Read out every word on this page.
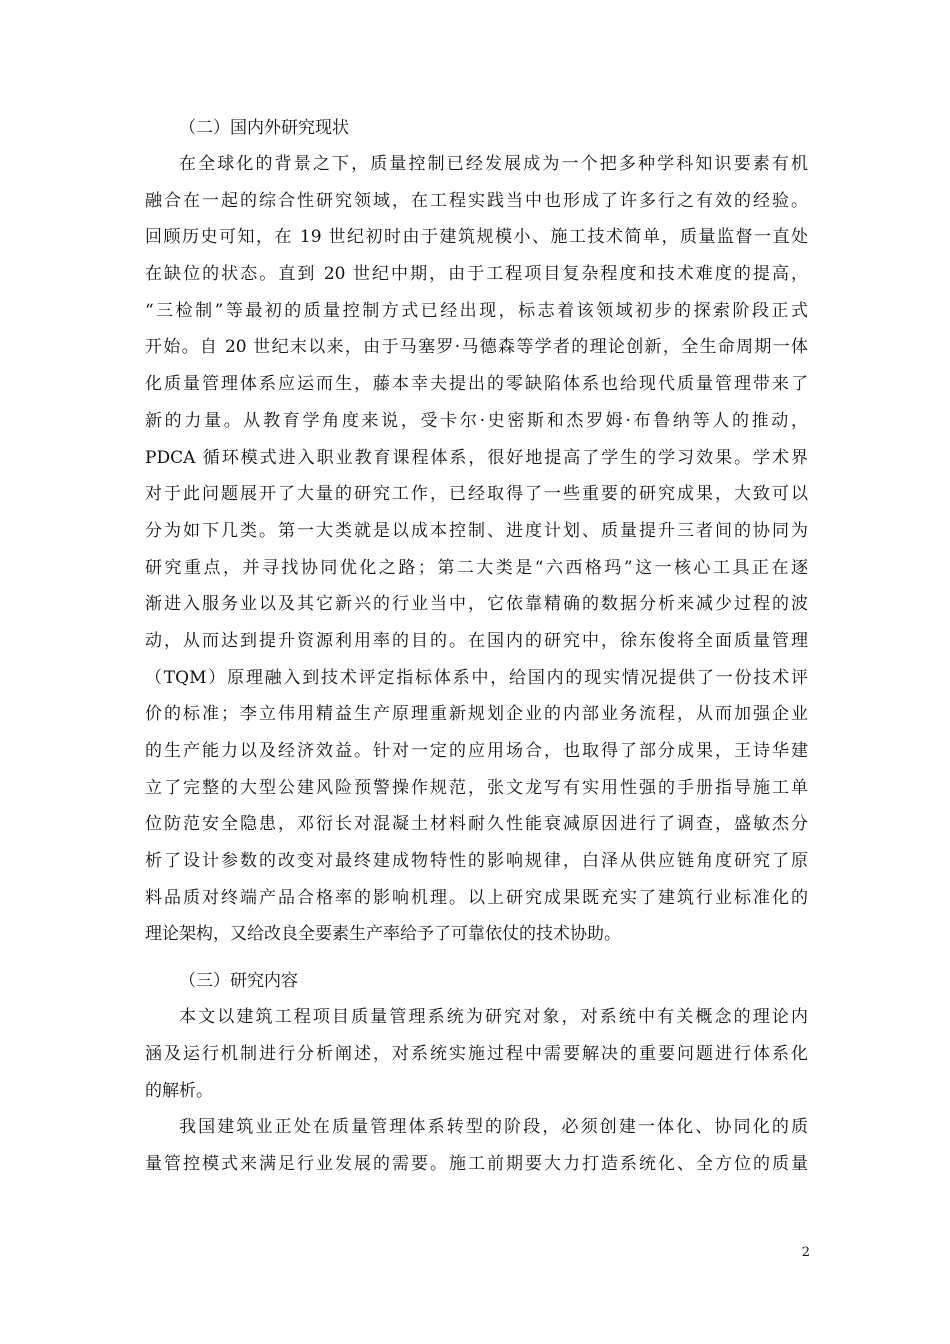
（二）国内外研究现状
在全球化的背景之下，质量控制已经发展成为一个把多种学科知识要素有机
融合在一起的综合性研究领域，在工程实践当中也形成了许多行之有效的经验。
回顾历史可知，在 19 世纪初时由于建筑规模小、施工技术简单，质量监督一直处
在缺位的状态。直到 20 世纪中期，由于工程项目复杂程度和技术难度的提高，
“三检制”等最初的质量控制方式已经出现，标志着该领域初步的探索阶段正式
开始。自 20 世纪末以来，由于马塞罗·马德森等学者的理论创新，全生命周期一体
化质量管理体系应运而生，藤本幸夫提出的零缺陷体系也给现代质量管理带来了
新的力量。从教育学角度来说，受卡尔·史密斯和杰罗姆·布鲁纳等人的推动，
PDCA 循环模式进入职业教育课程体系，很好地提高了学生的学习效果。学术界
对于此问题展开了大量的研究工作，已经取得了一些重要的研究成果，大致可以
分为如下几类。第一大类就是以成本控制、进度计划、质量提升三者间的协同为
研究重点，并寻找协同优化之路；第二大类是“六西格玛”这一核心工具正在逐
渐进入服务业以及其它新兴的行业当中，它依靠精确的数据分析来减少过程的波
动，从而达到提升资源利用率的目的。在国内的研究中，徐东俊将全面质量管理
（TQM）原理融入到技术评定指标体系中，给国内的现实情况提供了一份技术评
价的标准；李立伟用精益生产原理重新规划企业的内部业务流程，从而加强企业
的生产能力以及经济效益。针对一定的应用场合，也取得了部分成果，王诗华建
立了完整的大型公建风险预警操作规范，张文龙写有实用性强的手册指导施工单
位防范安全隐患，邓衍长对混凝土材料耐久性能衰减原因进行了调查，盛敏杰分
析了设计参数的改变对最终建成物特性的影响规律，白泽从供应链角度研究了原
料品质对终端产品合格率的影响机理。以上研究成果既充实了建筑行业标准化的
理论架构，又给改良全要素生产率给予了可靠依仗的技术协助。
（三）研究内容
本文以建筑工程项目质量管理系统为研究对象，对系统中有关概念的理论内
涵及运行机制进行分析阐述，对系统实施过程中需要解决的重要问题进行体系化
的解析。
我国建筑业正处在质量管理体系转型的阶段，必须创建一体化、协同化的质
量管控模式来满足行业发展的需要。施工前期要大力打造系统化、全方位的质量
2
